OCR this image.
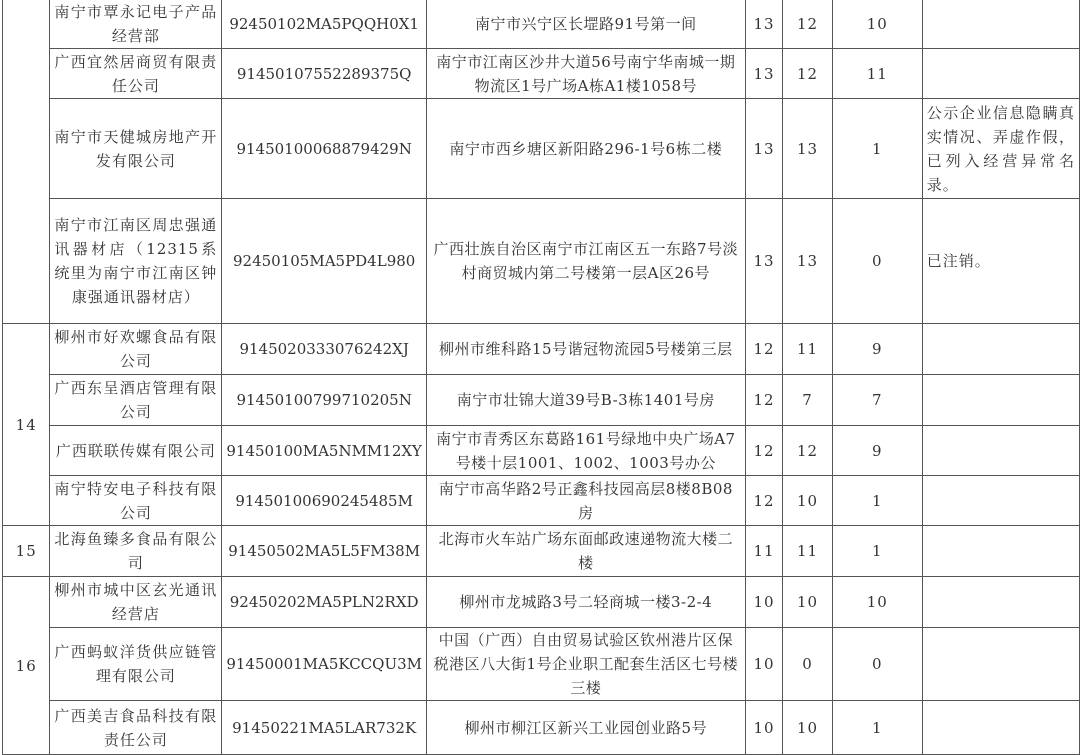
	南宁市覃永记电子产品经营部	92450102MA5PQQH0X1	南宁市兴宁区长堽路91号第一间	13	12	10	
	广西宜然居商贸有限责任公司	91450107552289375Q	南宁市江南区沙井大道56号南宁华南城一期物流区1号广场A栋A1楼1058号	13	12	11	
	南宁市天健城房地产开发有限公司	91450100068879429N	南宁市西乡塘区新阳路296-1号6栋二楼	13	13	1	公示企业信息隐瞒真实情况、弄虚作假，已列入经营异常名录。
	南宁市江南区周忠强通讯器材店（12315系统里为南宁市江南区钟康强通讯器材店）	92450105MA5PD4L980	广西壮族自治区南宁市江南区五一东路7号淡村商贸城内第二号楼第一层A区26号	13	13	0	已注销。
14	柳州市好欢螺食品有限公司	9145020333076242XJ	柳州市维科路15号谐冠物流园5号楼第三层	12	11	9	
	广西东呈酒店管理有限公司	91450100799710205N	南宁市壮锦大道39号B-3栋1401号房	12	7	7	
	广西联联传媒有限公司	91450100MA5NMM12XY	南宁市青秀区东葛路161号绿地中央广场A7号楼十层1001、1002、1003号办公	12	12	9	
	南宁特安电子科技有限公司	91450100690245485M	南宁市高华路2号正鑫科技园高层8楼8B08房	12	10	1	
15	北海鱼臻多食品有限公司	91450502MA5L5FM38M	北海市火车站广场东面邮政速递物流大楼二楼	11	11	1	
16	柳州市城中区玄光通讯经营店	92450202MA5PLN2RXD	柳州市龙城路3号二轻商城一楼3-2-4	10	10	10	
	广西蚂蚁洋货供应链管理有限公司	91450001MA5KCCQU3M	中国（广西）自由贸易试验区钦州港片区保税港区八大街1号企业职工配套生活区七号楼三楼	10	0	0	
	广西美吉食品科技有限责任公司	91450221MA5LAR732K	柳州市柳江区新兴工业园创业路5号	10	10	1	
